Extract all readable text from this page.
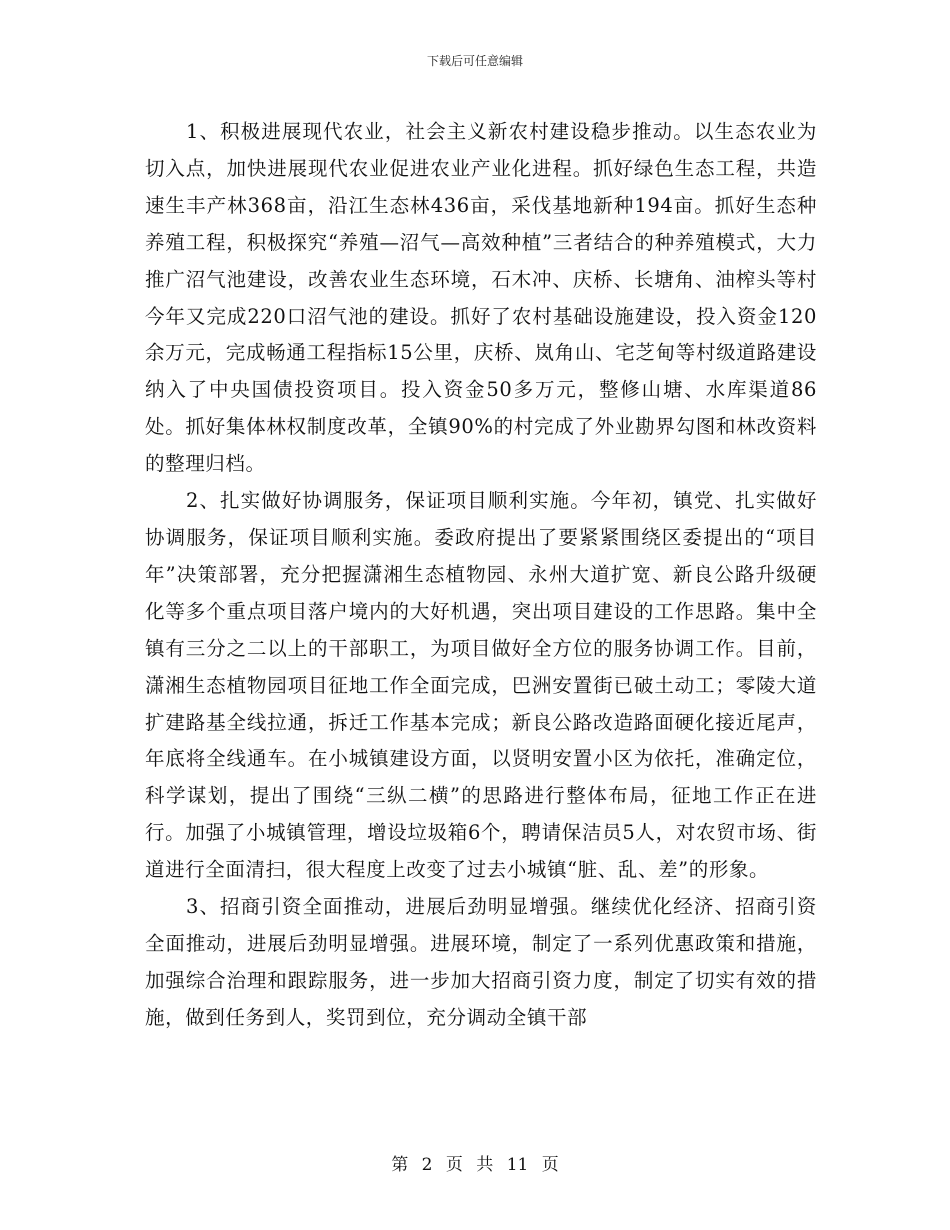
下载后可任意编辑

1、积极进展现代农业，社会主义新农村建设稳步推动。以生态农业为切入点，加快进展现代农业促进农业产业化进程。抓好绿色生态工程，共造速生丰产林368亩，沿江生态林436亩，采伐基地新种194亩。抓好生态种养殖工程，积极探究“养殖—沼气—高效种植”三者结合的种养殖模式，大力推广沼气池建设，改善农业生态环境，石木冲、庆桥、长塘角、油榨头等村今年又完成220口沼气池的建设。抓好了农村基础设施建设，投入资金120余万元，完成畅通工程指标15公里，庆桥、岚角山、宅芝甸等村级道路建设纳入了中央国债投资项目。投入资金50多万元，整修山塘、水库渠道86处。抓好集体林权制度改革，全镇90%的村完成了外业勘界勾图和林改资料的整理归档。

2、扎实做好协调服务，保证项目顺利实施。今年初，镇党、扎实做好协调服务，保证项目顺利实施。委政府提出了要紧紧围绕区委提出的“项目年”决策部署，充分把握潇湘生态植物园、永州大道扩宽、新良公路升级硬化等多个重点项目落户境内的大好机遇，突出项目建设的工作思路。集中全镇有三分之二以上的干部职工，为项目做好全方位的服务协调工作。目前，潇湘生态植物园项目征地工作全面完成，巴洲安置街已破土动工；零陵大道扩建路基全线拉通，拆迁工作基本完成；新良公路改造路面硬化接近尾声，年底将全线通车。在小城镇建设方面，以贤明安置小区为依托，准确定位，科学谋划，提出了围绕“三纵二横”的思路进行整体布局，征地工作正在进行。加强了小城镇管理，增设垃圾箱6个，聘请保洁员5人，对农贸市场、街道进行全面清扫，很大程度上改变了过去小城镇“脏、乱、差”的形象。

3、招商引资全面推动，进展后劲明显增强。继续优化经济、招商引资全面推动，进展后劲明显增强。进展环境，制定了一系列优惠政策和措施，加强综合治理和跟踪服务，进一步加大招商引资力度，制定了切实有效的措施，做到任务到人，奖罚到位，充分调动全镇干部

第 2 页 共 11 页
